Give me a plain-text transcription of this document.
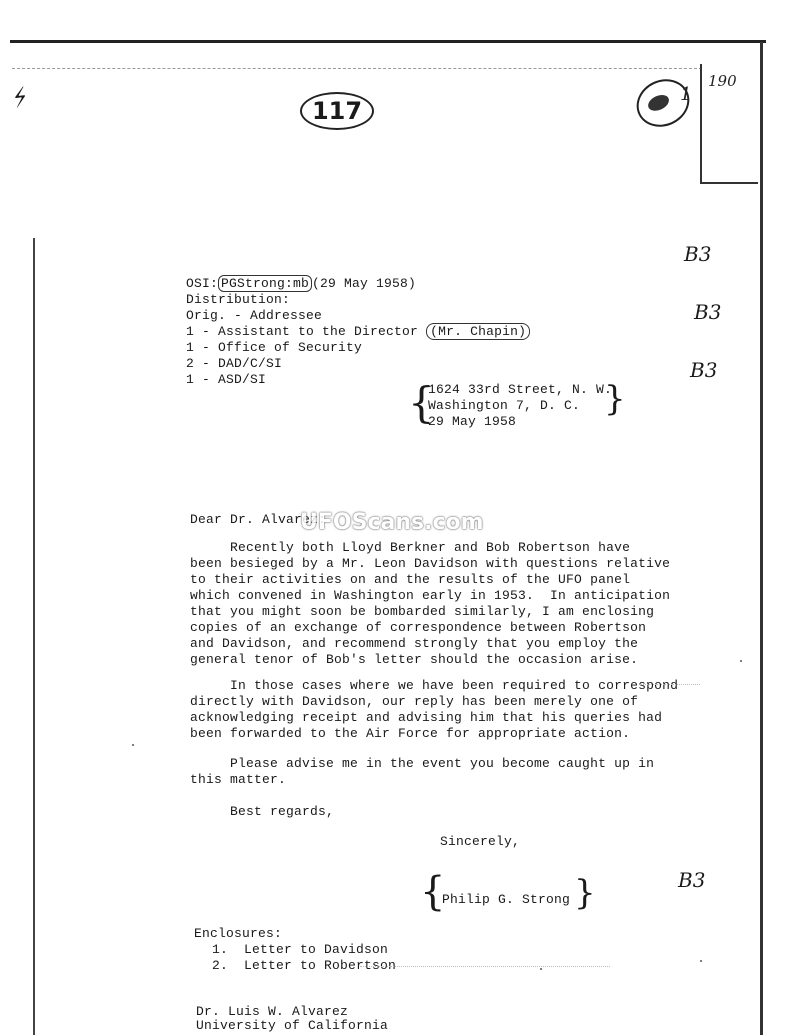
190
⚡	117
1
B3
B3
B3
B3
OSI: PGStrong:mb (29 May 1958)
Distribution:
Orig. - Addressee
1 - Assistant to the Director (Mr. Chapin)
1 - Office of Security
2 - DAD/C/SI
1 - ASD/SI	{
1624 33rd Street, N. W.
Washington 7, D. C.
29 May 1958
}
Dear Dr. Alvarez:
UFOScans.com
Recently both Lloyd Berkner and Bob Robertson have
been besieged by a Mr. Leon Davidson with questions relative
to their activities on and the results of the UFO panel
which convened in Washington early in 1953.  In anticipation
that you might soon be bombarded similarly, I am enclosing
copies of an exchange of correspondence between Robertson
and Davidson, and recommend strongly that you employ the
general tenor of Bob's letter should the occasion arise.
In those cases where we have been required to correspond
directly with Davidson, our reply has been merely one of
acknowledging receipt and advising him that his queries had
been forwarded to the Air Force for appropriate action.
Please advise me in the event you become caught up in
this matter.
Best regards,
Sincerely,
{
Philip G. Strong }
Enclosures:
1.  Letter to Davidson
2.  Letter to Robertson
Dr. Luis W. Alvarez
University of California
